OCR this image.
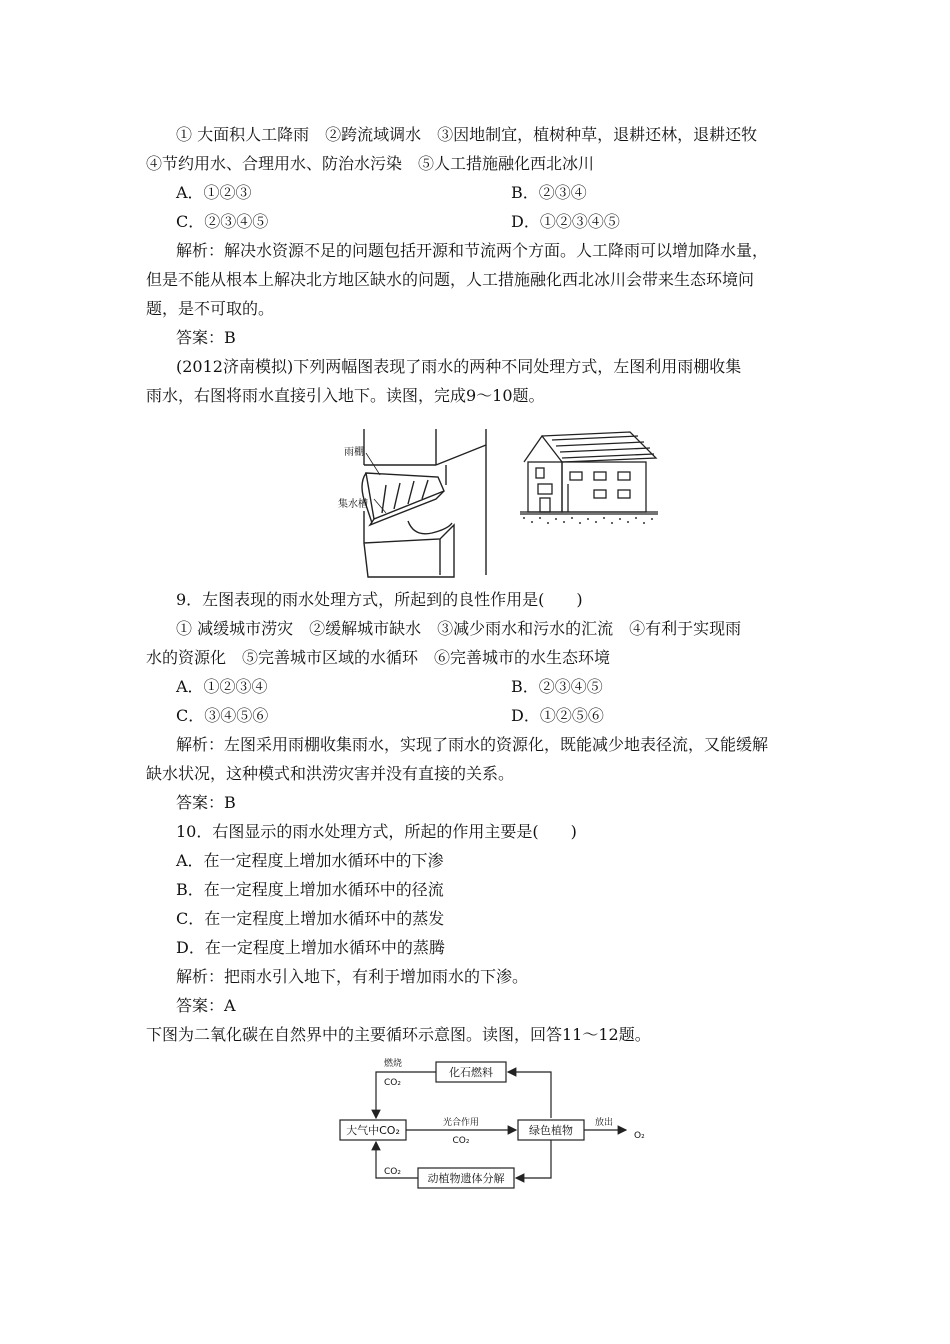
① 大面积人工降雨　②跨流域调水　③因地制宜，植树种草，退耕还林，退耕还牧
④节约用水、合理用水、防治水污染　⑤人工措施融化西北冰川
A．①②③	B．②③④
C．②③④⑤	D．①②③④⑤
解析：解决水资源不足的问题包括开源和节流两个方面。人工降雨可以增加降水量，
但是不能从根本上解决北方地区缺水的问题，人工措施融化西北冰川会带来生态环境问
题，是不可取的。
答案：B
(2012济南模拟)下列两幅图表现了雨水的两种不同处理方式，左图利用雨棚收集
雨水，右图将雨水直接引入地下。读图，完成9～10题。
雨棚
集水槽
9．左图表现的雨水处理方式，所起到的良性作用是(　　)
① 减缓城市涝灾　②缓解城市缺水　③减少雨水和污水的汇流　④有利于实现雨
水的资源化　⑤完善城市区域的水循环　⑥完善城市的水生态环境
A．①②③④	B．②③④⑤
C．③④⑤⑥	D．①②⑤⑥
解析：左图采用雨棚收集雨水，实现了雨水的资源化，既能减少地表径流，又能缓解
缺水状况，这种模式和洪涝灾害并没有直接的关系。
答案：B
10．右图显示的雨水处理方式，所起的作用主要是(　　)
A．在一定程度上增加水循环中的下渗
B．在一定程度上增加水循环中的径流
C．在一定程度上增加水循环中的蒸发
D．在一定程度上增加水循环中的蒸腾
解析：把雨水引入地下，有利于增加雨水的下渗。
答案：A
下图为二氧化碳在自然界中的主要循环示意图。读图，回答11～12题。
化石燃料
大气中CO₂	绿色植物
动植物遗体分解
燃烧
CO₂
光合作用
CO₂
CO₂
放出
O₂
